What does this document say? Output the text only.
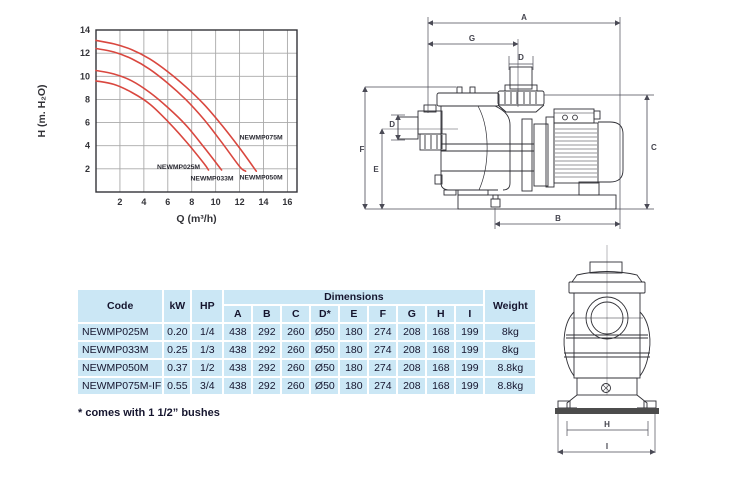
2 4 6 8 10 12 14 16
2
4
6
8
10
12
14
Q (m³/h)
H (m. H₂O)
NEWMP025M
NEWMP033M NEWMP050M
NEWMP075M
A
G
D
D
F
E
C
B
H
I
Code	kW	HP	Dimensions									Weight
			A	B	C	D*	E	F	G	H	I	
NEWMP025M	0.20	1/4	438	292	260	Ø50	180	274	208	168	199	8kg
NEWMP033M	0.25	1/3	438	292	260	Ø50	180	274	208	168	199	8kg
NEWMP050M	0.37	1/2	438	292	260	Ø50	180	274	208	168	199	8.8kg
NEWMP075M-IF	0.55	3/4	438	292	260	Ø50	180	274	208	168	199	8.8kg
* comes with 1 1/2” bushes
